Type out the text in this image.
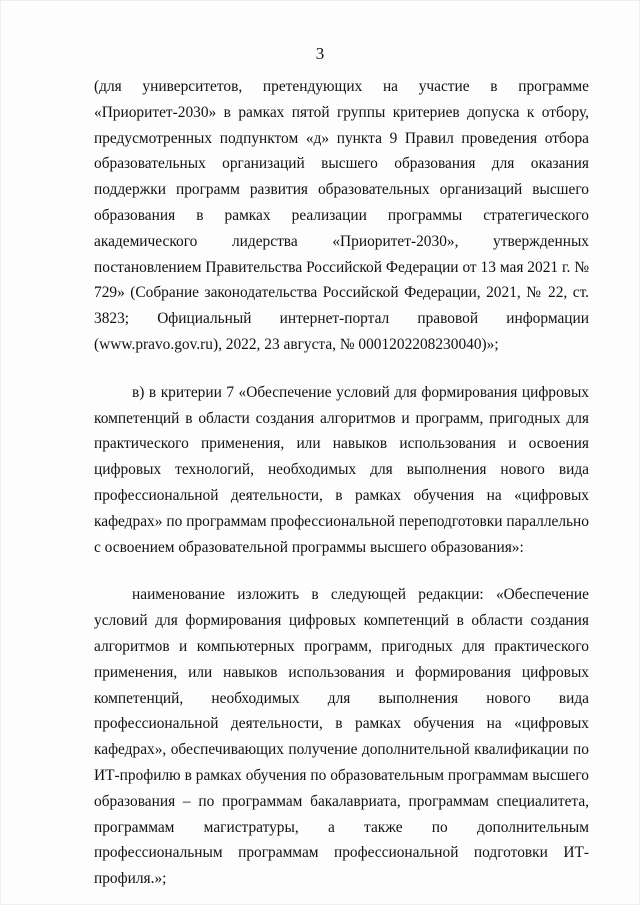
3

(для университетов, претендующих на участие в программе «Приоритет-2030» в рамках пятой группы критериев допуска к отбору, предусмотренных подпунктом «д» пункта 9 Правил проведения отбора образовательных организаций высшего образования для оказания поддержки программ развития образовательных организаций высшего образования в рамках реализации программы стратегического академического лидерства «Приоритет-2030», утвержденных постановлением Правительства Российской Федерации от 13 мая 2021 г. № 729» (Собрание законодательства Российской Федерации, 2021, № 22, ст. 3823; Официальный интернет-портал правовой информации (www.pravo.gov.ru), 2022, 23 августа, № 0001202208230040)»;

в) в критерии 7 «Обеспечение условий для формирования цифровых компетенций в области создания алгоритмов и программ, пригодных для практического применения, или навыков использования и освоения цифровых технологий, необходимых для выполнения нового вида профессиональной деятельности, в рамках обучения на «цифровых кафедрах» по программам профессиональной переподготовки параллельно с освоением образовательной программы высшего образования»:

наименование изложить в следующей редакции: «Обеспечение условий для формирования цифровых компетенций в области создания алгоритмов и компьютерных программ, пригодных для практического применения, или навыков использования и формирования цифровых компетенций, необходимых для выполнения нового вида профессиональной деятельности, в рамках обучения на «цифровых кафедрах», обеспечивающих получение дополнительной квалификации по ИТ-профилю в рамках обучения по образовательным программам высшего образования – по программам бакалавриата, программам специалитета, программам магистратуры, а также по дополнительным профессиональным программам профессиональной подготовки ИТ-профиля.»;
